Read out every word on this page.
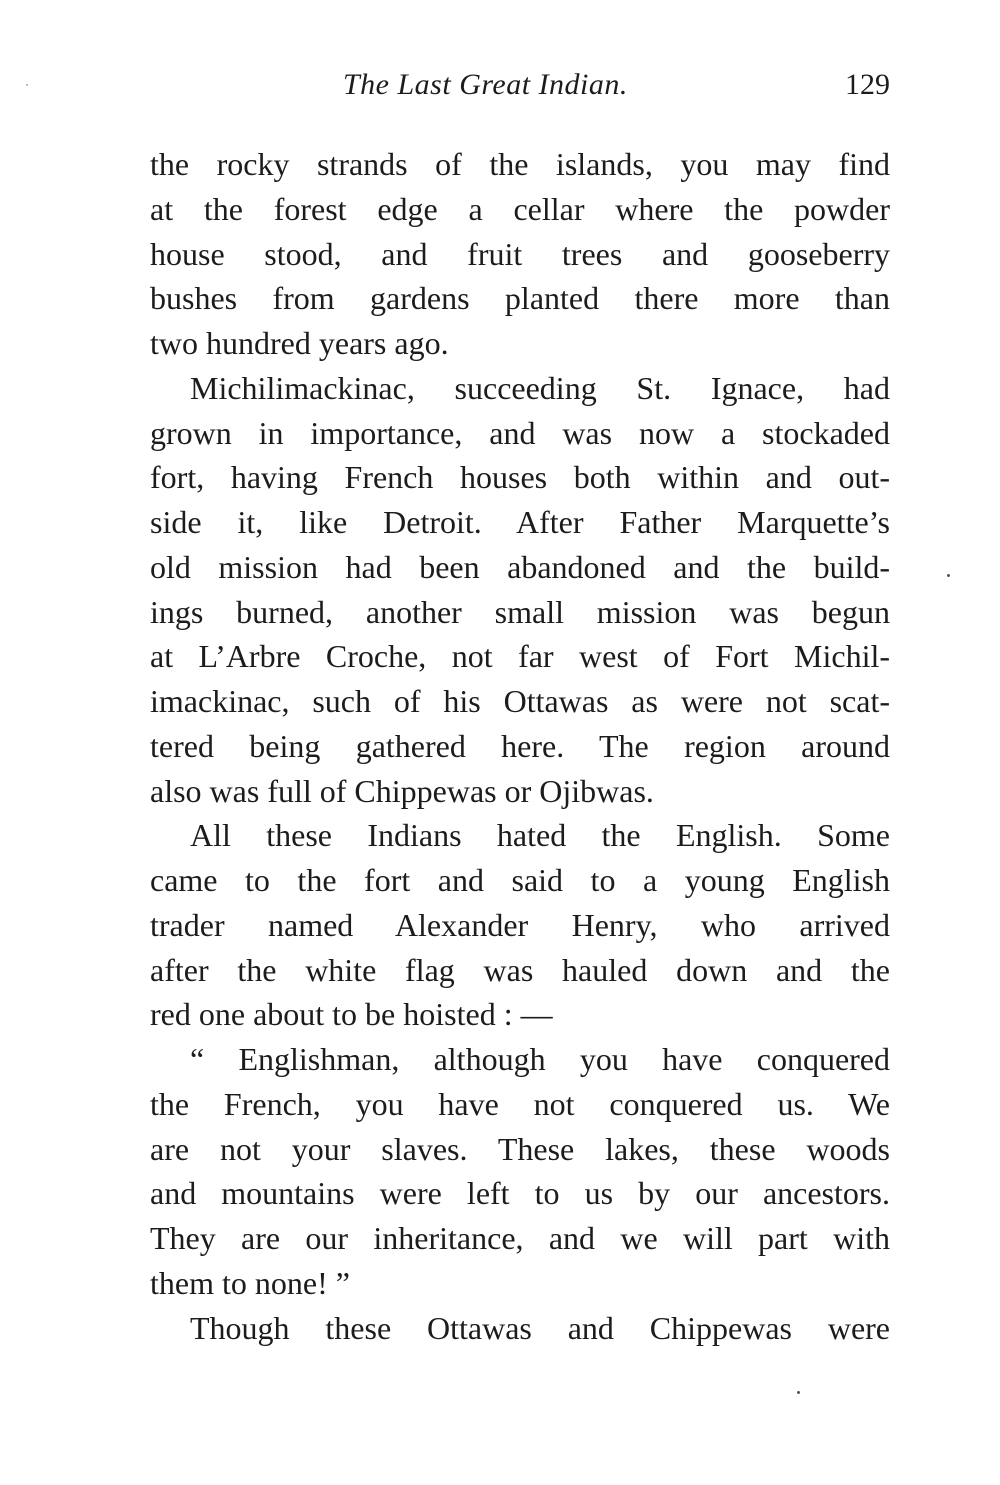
The Last Great Indian.	129
the rocky strands of the islands, you may find
at the forest edge a cellar where the powder
house stood, and fruit trees and gooseberry
bushes from gardens planted there more than
two hundred years ago.
Michilimackinac, succeeding St. Ignace, had
grown in importance, and was now a stockaded
fort, having French houses both within and out-
side it, like Detroit. After Father Marquette’s
old mission had been abandoned and the build-
ings burned, another small mission was begun
at L’Arbre Croche, not far west of Fort Michil-
imackinac, such of his Ottawas as were not scat-
tered being gathered here. The region around
also was full of Chippewas or Ojibwas.
All these Indians hated the English. Some
came to the fort and said to a young English
trader named Alexander Henry, who arrived
after the white flag was hauled down and the
red one about to be hoisted : —
“ Englishman, although you have conquered
the French, you have not conquered us. We
are not your slaves. These lakes, these woods
and mountains were left to us by our ancestors.
They are our inheritance, and we will part with
them to none! ”
Though these Ottawas and Chippewas were
